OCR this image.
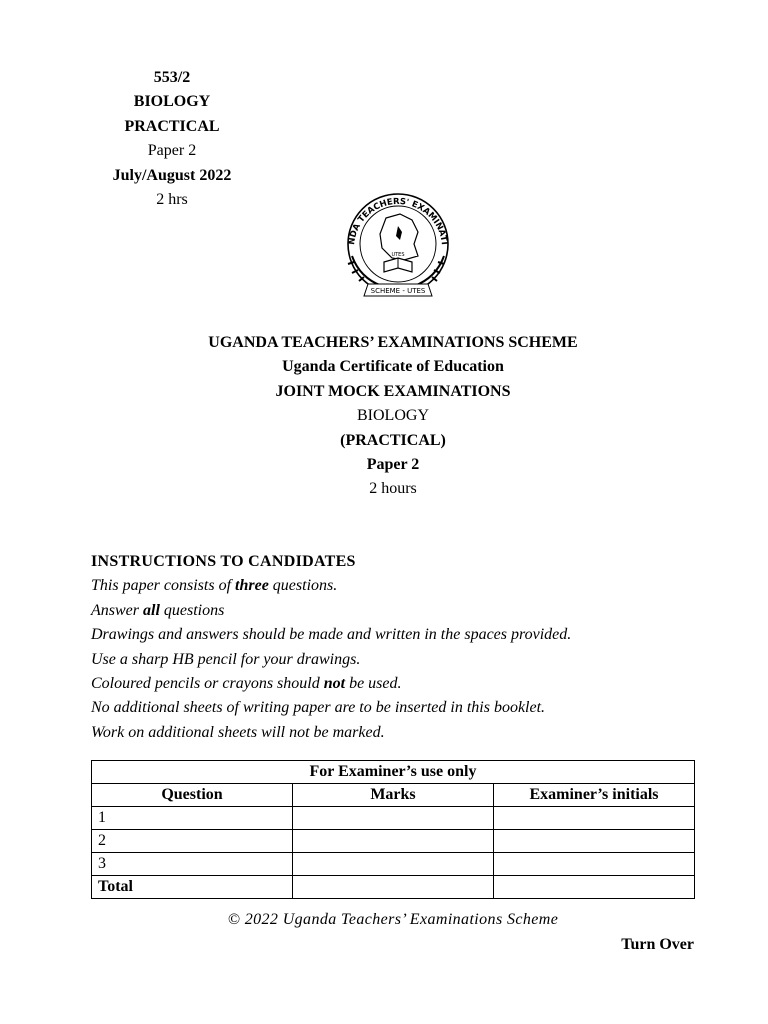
553/2
BIOLOGY
PRACTICAL
Paper 2
July/August 2022
2 hrs
NDA TEACHERS' EXAMINATI
UTES
SCHEME - UTES
UGANDA TEACHERS’ EXAMINATIONS SCHEME
Uganda Certificate of Education
JOINT MOCK EXAMINATIONS
BIOLOGY
(PRACTICAL)
Paper 2
2 hours
INSTRUCTIONS TO CANDIDATES
This paper consists of three questions.
Answer all questions
Drawings and answers should be made and written in the spaces provided.
Use a sharp HB pencil for your drawings.
Coloured pencils or crayons should not be used.
No additional sheets of writing paper are to be inserted in this booklet.
Work on additional sheets will not be marked.
For Examiner’s use only		
Question	Marks	Examiner’s initials
1		
2		
3		
Total		
© 2022 Uganda Teachers’ Examinations Scheme
Turn Over
